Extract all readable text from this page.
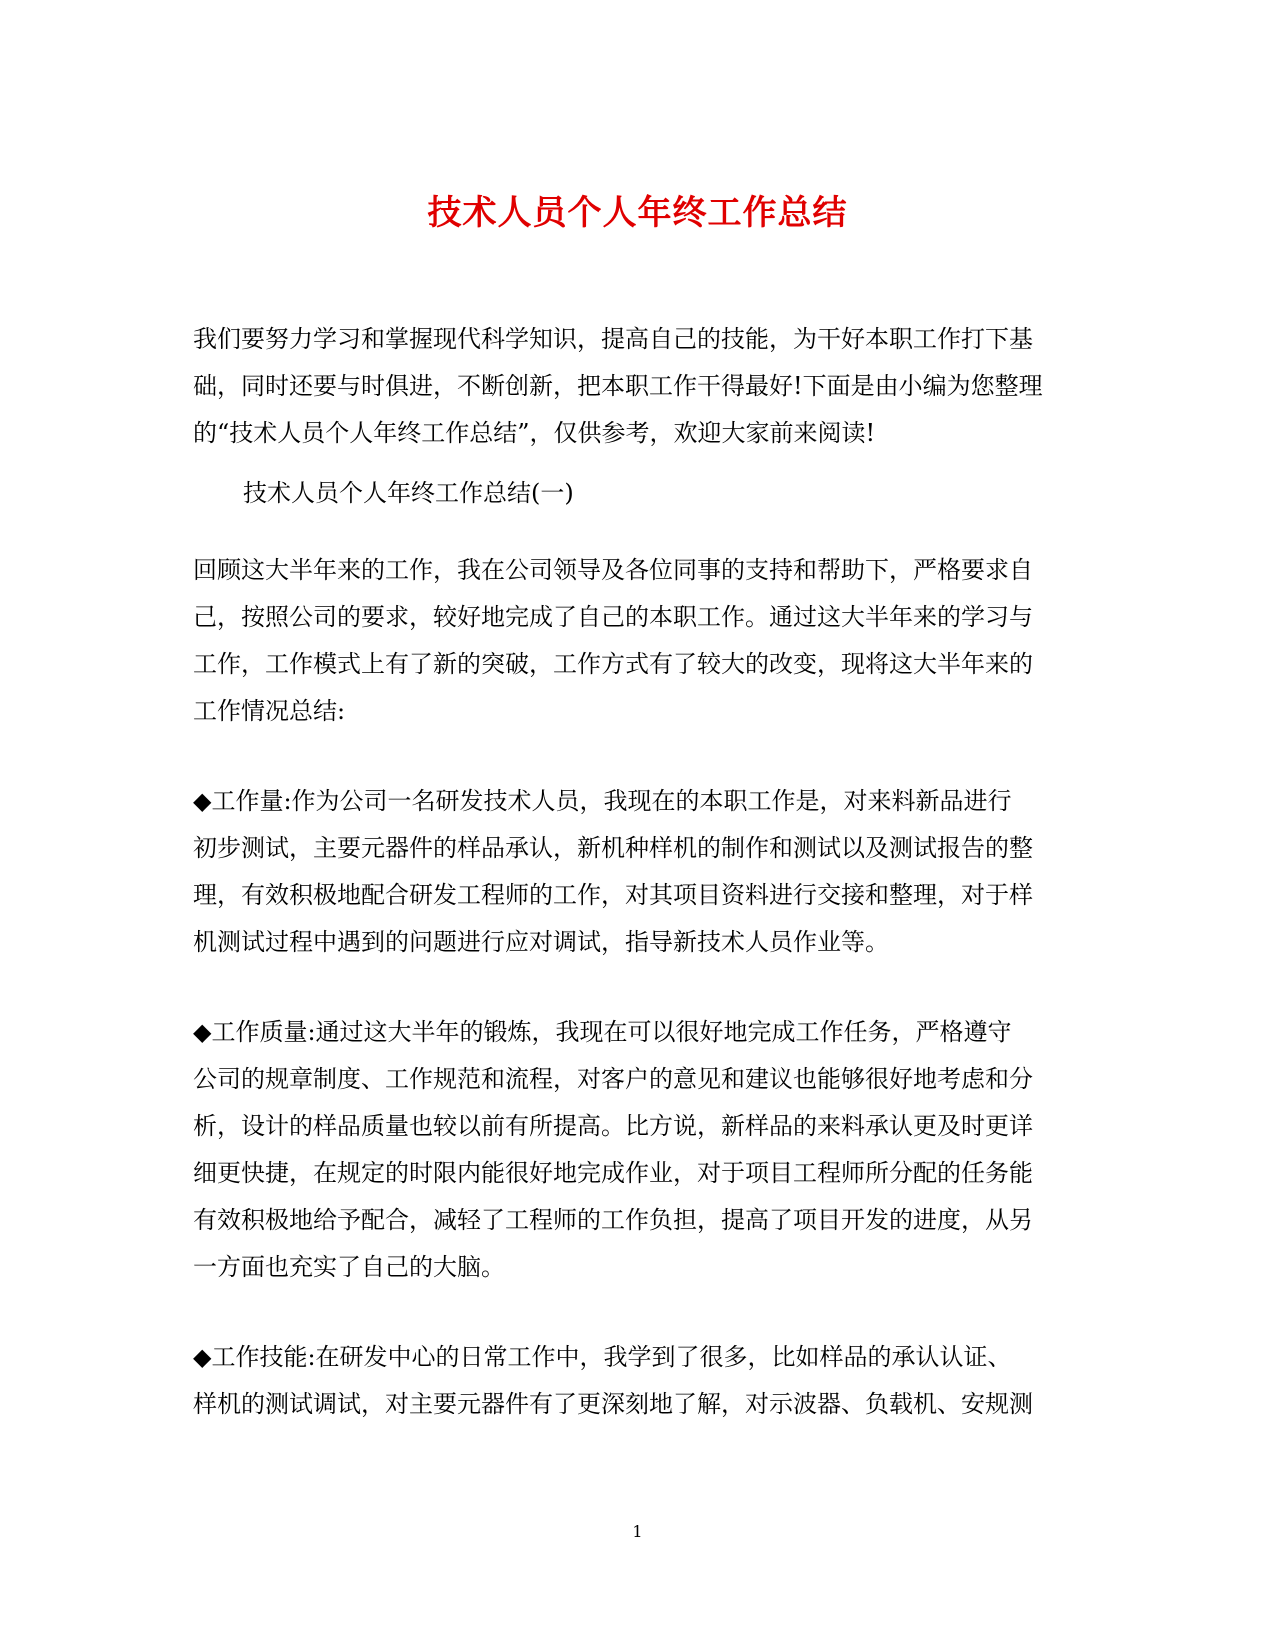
技术人员个人年终工作总结
我们要努力学习和掌握现代科学知识，提高自己的技能，为干好本职工作打下基
础，同时还要与时俱进，不断创新，把本职工作干得最好!下面是由小编为您整理
的“技术人员个人年终工作总结”，仅供参考，欢迎大家前来阅读!
技术人员个人年终工作总结(一)
回顾这大半年来的工作，我在公司领导及各位同事的支持和帮助下，严格要求自
己，按照公司的要求，较好地完成了自己的本职工作。通过这大半年来的学习与
工作，工作模式上有了新的突破，工作方式有了较大的改变，现将这大半年来的
工作情况总结:
◆工作量:作为公司一名研发技术人员，我现在的本职工作是，对来料新品进行
初步测试，主要元器件的样品承认，新机种样机的制作和测试以及测试报告的整
理，有效积极地配合研发工程师的工作，对其项目资料进行交接和整理，对于样
机测试过程中遇到的问题进行应对调试，指导新技术人员作业等。
◆工作质量:通过这大半年的锻炼，我现在可以很好地完成工作任务，严格遵守
公司的规章制度、工作规范和流程，对客户的意见和建议也能够很好地考虑和分
析，设计的样品质量也较以前有所提高。比方说，新样品的来料承认更及时更详
细更快捷，在规定的时限内能很好地完成作业，对于项目工程师所分配的任务能
有效积极地给予配合，减轻了工程师的工作负担，提高了项目开发的进度，从另
一方面也充实了自己的大脑。
◆工作技能:在研发中心的日常工作中，我学到了很多，比如样品的承认认证、
样机的测试调试，对主要元器件有了更深刻地了解，对示波器、负载机、安规测
1
